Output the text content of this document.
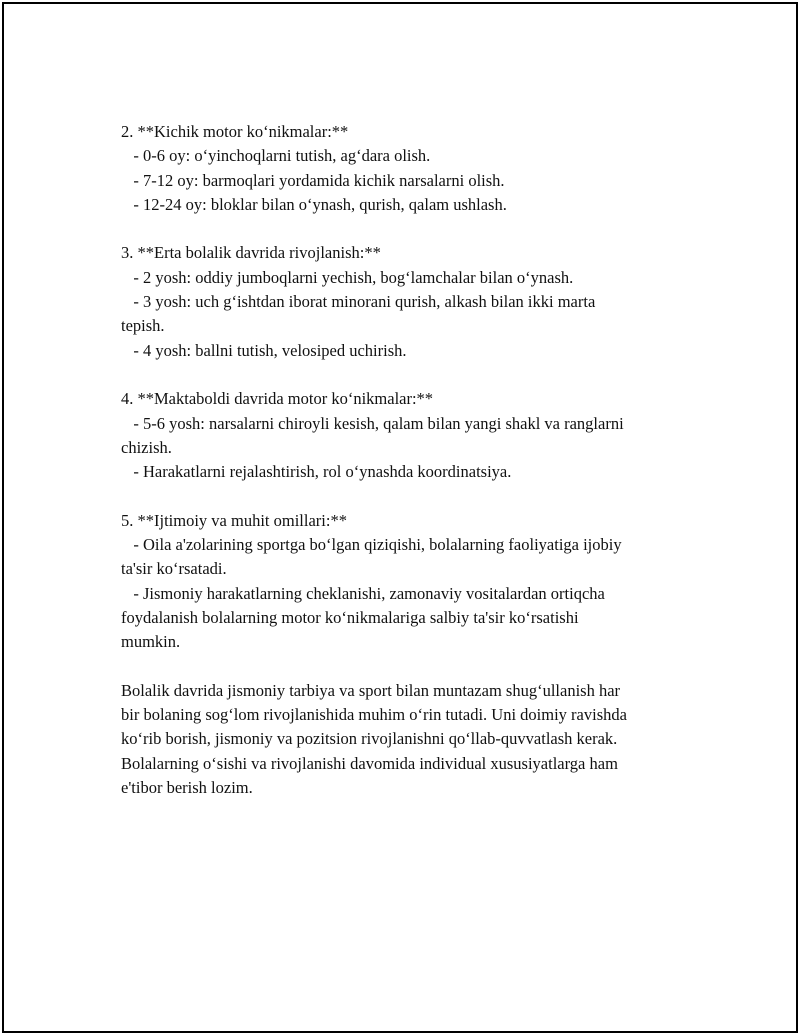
2. **Kichik motor koʻnikmalar:**
- 0-6 oy: oʻyinchoqlarni tutish, agʻdara olish.
- 7-12 oy: barmoqlari yordamida kichik narsalarni olish.
- 12-24 oy: bloklar bilan oʻynash, qurish, qalam ushlash.
3. **Erta bolalik davrida rivojlanish:**
- 2 yosh: oddiy jumboqlarni yechish, bogʻlamchalar bilan oʻynash.
- 3 yosh: uch gʻishtdan iborat minorani qurish, alkash bilan ikki marta
tepish.
- 4 yosh: ballni tutish, velosiped uchirish.
4. **Maktaboldi davrida motor koʻnikmalar:**
- 5-6 yosh: narsalarni chiroyli kesish, qalam bilan yangi shakl va ranglarni
chizish.
- Harakatlarni rejalashtirish, rol oʻynashda koordinatsiya.
5. **Ijtimoiy va muhit omillari:**
- Oila a'zolarining sportga boʻlgan qiziqishi, bolalarning faoliyatiga ijobiy
ta'sir koʻrsatadi.
- Jismoniy harakatlarning cheklanishi, zamonaviy vositalardan ortiqcha
foydalanish bolalarning motor koʻnikmalariga salbiy ta'sir koʻrsatishi
mumkin.
Bolalik davrida jismoniy tarbiya va sport bilan muntazam shugʻullanish har
bir bolaning sogʻlom rivojlanishida muhim oʻrin tutadi. Uni doimiy ravishda
koʻrib borish, jismoniy va pozitsion rivojlanishni qoʻllab-quvvatlash kerak.
Bolalarning oʻsishi va rivojlanishi davomida individual xususiyatlarga ham
e'tibor berish lozim.
